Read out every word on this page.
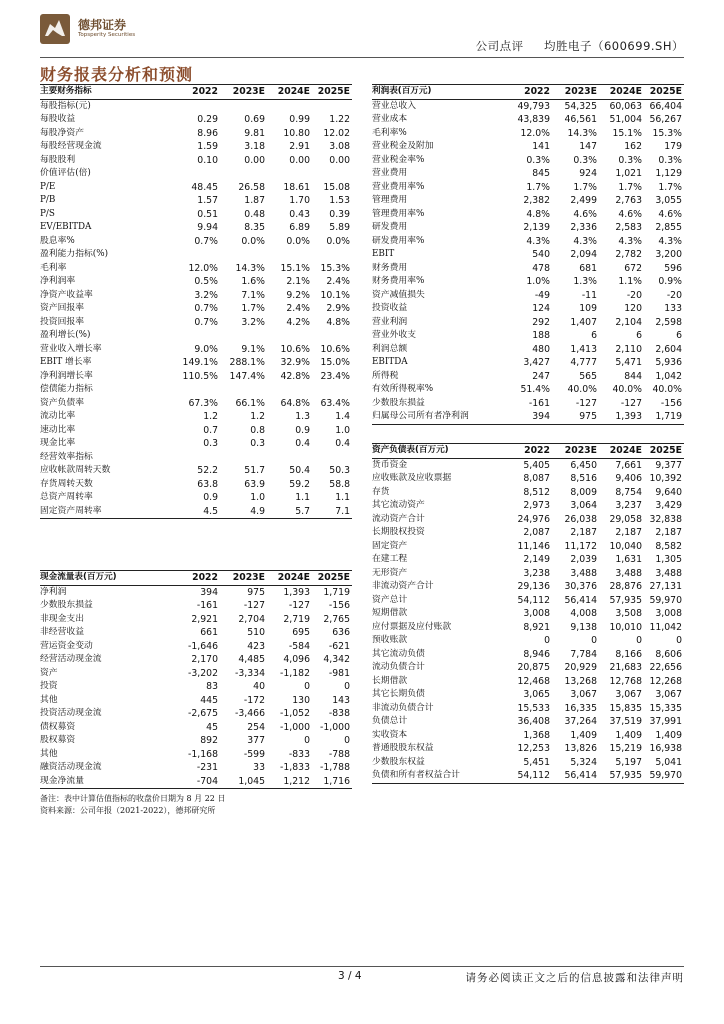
德邦证券
Topsperity Securities
公司点评 均胜电子（600699.SH）
财务报表分析和预测
主要财务指标	2022 2023E 2024E 2025E
每股指标(元)
每股收益	0.29	0.69	0.99 1.22
每股净资产	8.96	9.81 10.80 12.02
每股经营现金流	1.59	3.18	2.91 3.08
每股股利	0.10	0.00	0.00 0.00
价值评估(倍)
P/E	48.45 26.58 18.61 15.08
P/B	1.57	1.87	1.70 1.53
P/S	0.51	0.48	0.43 0.39
EV/EBITDA	9.94	8.35	6.89 5.89
股息率%	0.7%	0.0% 0.0% 0.0%
盈利能力指标(%)
毛利率	12.0% 14.3% 15.1% 15.3%
净利润率	0.5%	1.6% 2.1% 2.4%
净资产收益率	3.2%	7.1% 9.2% 10.1%
资产回报率	0.7%	1.7% 2.4% 2.9%
投资回报率	0.7%	3.2% 4.2% 4.8%
盈利增长(%)
营业收入增长率	9.0%	9.1% 10.6% 10.6%
EBIT 增长率	149.1% 288.1% 32.9% 15.0%
净利润增长率	110.5% 147.4% 42.8% 23.4%
偿债能力指标
资产负债率	67.3% 66.1% 64.8% 63.4%
流动比率	1.2	1.2	1.3	1.4
速动比率	0.7	0.8	0.9	1.0
现金比率	0.3	0.3	0.4	0.4
经营效率指标
应收帐款周转天数	52.2	51.7	50.4 50.3
存货周转天数	63.8	63.9	59.2 58.8
总资产周转率	0.9	1.0	1.1	1.1
固定资产周转率	4.5	4.9	5.7	7.1
利润表(百万元)	2022 2023E 2024E 2025E
营业总收入	49,793 54,325 60,063 66,404
营业成本	43,839 46,561 51,004 56,267
毛利率%	12.0% 14.3% 15.1% 15.3%
营业税金及附加	141	147	162 179
营业税金率%	0.3%	0.3% 0.3% 0.3%
营业费用	845	924 1,021 1,129
营业费用率%	1.7%	1.7% 1.7% 1.7%
管理费用	2,382 2,499 2,763 3,055
管理费用率%	4.8%	4.6% 4.6% 4.6%
研发费用	2,139 2,336 2,583 2,855
研发费用率%	4.3%	4.3% 4.3% 4.3%
EBIT	540 2,094 2,782 3,200
财务费用	478	681	672 596
财务费用率%	1.0%	1.3% 1.1% 0.9%
资产减值损失	-49	-11	-20	-20
投资收益	124	109	120 133
营业利润	292 1,407 2,104 2,598
营业外收支	188	6	6	6
利润总额	480 1,413 2,110 2,604
EBITDA	3,427 4,777 5,471 5,936
所得税	247	565	844 1,042
有效所得税率%	51.4% 40.0% 40.0% 40.0%
少数股东损益	-161	-127	-127 -156
归属母公司所有者净利润	394	975 1,393 1,719
资产负债表(百万元)	2022 2023E 2024E 2025E
货币资金	5,405 6,450 7,661 9,377
应收账款及应收票据	8,087 8,516 9,406 10,392
存货	8,512 8,009 8,754 9,640
其它流动资产	2,973 3,064 3,237 3,429
流动资产合计	24,976 26,038 29,058 32,838
长期股权投资	2,087 2,187 2,187 2,187
固定资产	11,146 11,172 10,040 8,582
在建工程	2,149 2,039 1,631 1,305
无形资产	3,238 3,488 3,488 3,488
非流动资产合计	29,136 30,376 28,876 27,131
资产总计	54,112 56,414 57,935 59,970
短期借款	3,008 4,008 3,508 3,008
应付票据及应付账款	8,921 9,138 10,010 11,042
预收账款	0	0	0	0
其它流动负债	8,946 7,784 8,166 8,606
流动负债合计	20,875 20,929 21,683 22,656
长期借款	12,468 13,268 12,768 12,268
其它长期负债	3,065 3,067 3,067 3,067
非流动负债合计	15,533 16,335 15,835 15,335
负债总计	36,408 37,264 37,519 37,991
实收资本	1,368 1,409 1,409 1,409
普通股股东权益	12,253 13,826 15,219 16,938
少数股东权益	5,451 5,324 5,197 5,041
负债和所有者权益合计	54,112 56,414 57,935 59,970
现金流量表(百万元)	2022 2023E 2024E 2025E
净利润	394	975 1,393 1,719
少数股东损益	-161	-127	-127 -156
非现金支出	2,921 2,704 2,719 2,765
非经营收益	661	510	695 636
营运资金变动	-1,646	423	-584 -621
经营活动现金流	2,170 4,485 4,096 4,342
资产	-3,202 -3,334 -1,182 -981
投资	83	40	0	0
其他	445	-172	130 143
投资活动现金流	-2,675 -3,466 -1,052 -838
债权募资	45	254 -1,000 -1,000
股权募资	892	377	0	0
其他	-1,168	-599	-833 -788
融资活动现金流	-231	33 -1,833 -1,788
现金净流量	-704 1,045 1,212 1,716
备注：表中计算估值指标的收盘价日期为 8 月 22 日
资料来源：公司年报（2021-2022），德邦研究所
3 / 4	请务必阅读正文之后的信息披露和法律声明
